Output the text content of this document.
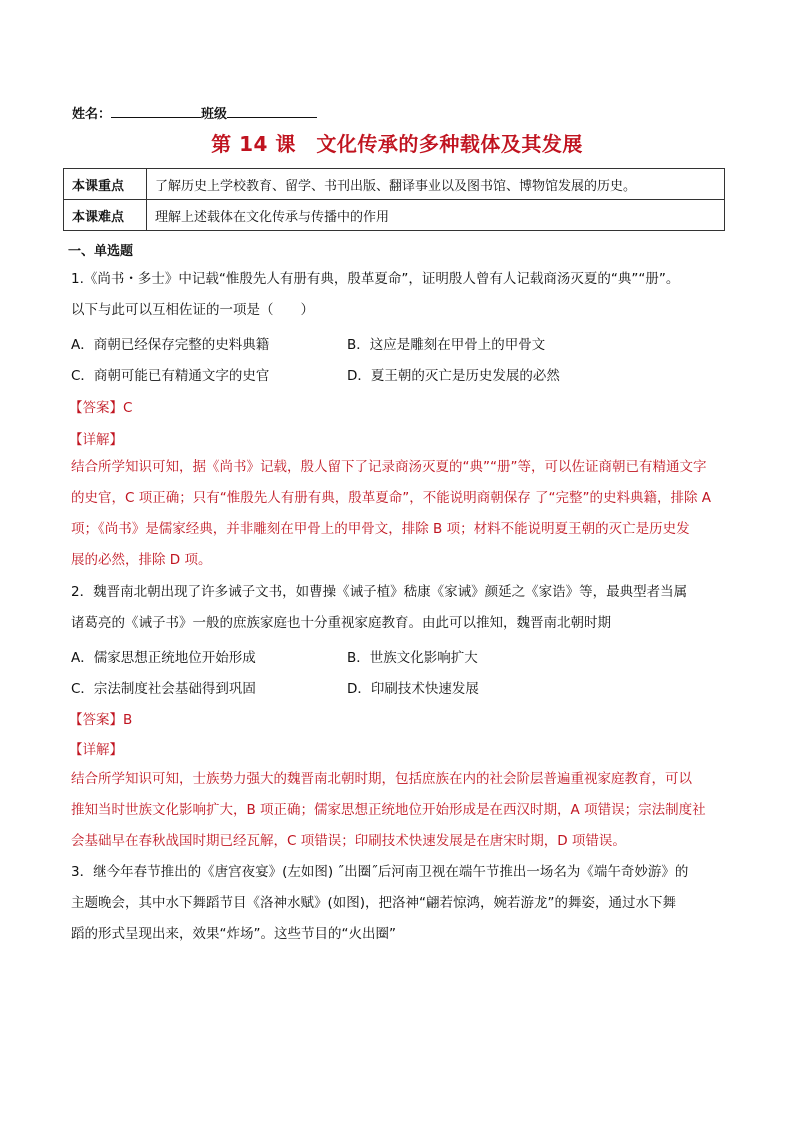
姓名：	班级
第 14 课　文化传承的多种载体及其发展
本课重点	了解历史上学校教育、留学、书刊出版、翻译事业以及图书馆、博物馆发展的历史。
本课难点	理解上述载体在文化传承与传播中的作用
一、单选题
1.《尚书・多士》中记载“惟殷先人有册有典，殷革夏命”，证明殷人曾有人记载商汤灭夏的“典”“册”。
以下与此可以互相佐证的一项是（　　）
A．商朝已经保存完整的史料典籍	B．这应是雕刻在甲骨上的甲骨文
C．商朝可能已有精通文字的史官	D．夏王朝的灭亡是历史发展的必然
【答案】C
【详解】
结合所学知识可知，据《尚书》记载，殷人留下了记录商汤灭夏的“典”“册”等，可以佐证商朝已有精通文字
的史官，C 项正确；只有“惟殷先人有册有典，殷革夏命”，不能说明商朝保存 了“完整”的史料典籍，排除 A
项；《尚书》是儒家经典，并非雕刻在甲骨上的甲骨文，排除 B 项；材料不能说明夏王朝的灭亡是历史发
展的必然，排除 D 项。
2．魏晋南北朝出现了许多诫子文书，如曹操《诫子植》嵇康《家诫》颜延之《家诰》等，最典型者当属
诸葛亮的《诫子书》一般的庶族家庭也十分重视家庭教育。由此可以推知，魏晋南北朝时期
A．儒家思想正统地位开始形成	B．世族文化影响扩大
C．宗法制度社会基础得到巩固	D．印刷技术快速发展
【答案】B
【详解】
结合所学知识可知，士族势力强大的魏晋南北朝时期，包括庶族在内的社会阶层普遍重视家庭教育，可以
推知当时世族文化影响扩大，B 项正确；儒家思想正统地位开始形成是在西汉时期，A 项错误；宗法制度社
会基础早在春秋战国时期已经瓦解，C 项错误；印刷技术快速发展是在唐宋时期，D 项错误。
3．继今年春节推出的《唐宫夜宴》(左如图) ˝出圈˝后河南卫视在端午节推出一场名为《端午奇妙游》的
主题晚会，其中水下舞蹈节目《洛神水赋》(如图)，把洛神“翩若惊鸿，婉若游龙”的舞姿，通过水下舞
蹈的形式呈现出来，效果“炸场”。这些节目的“火出圈”
